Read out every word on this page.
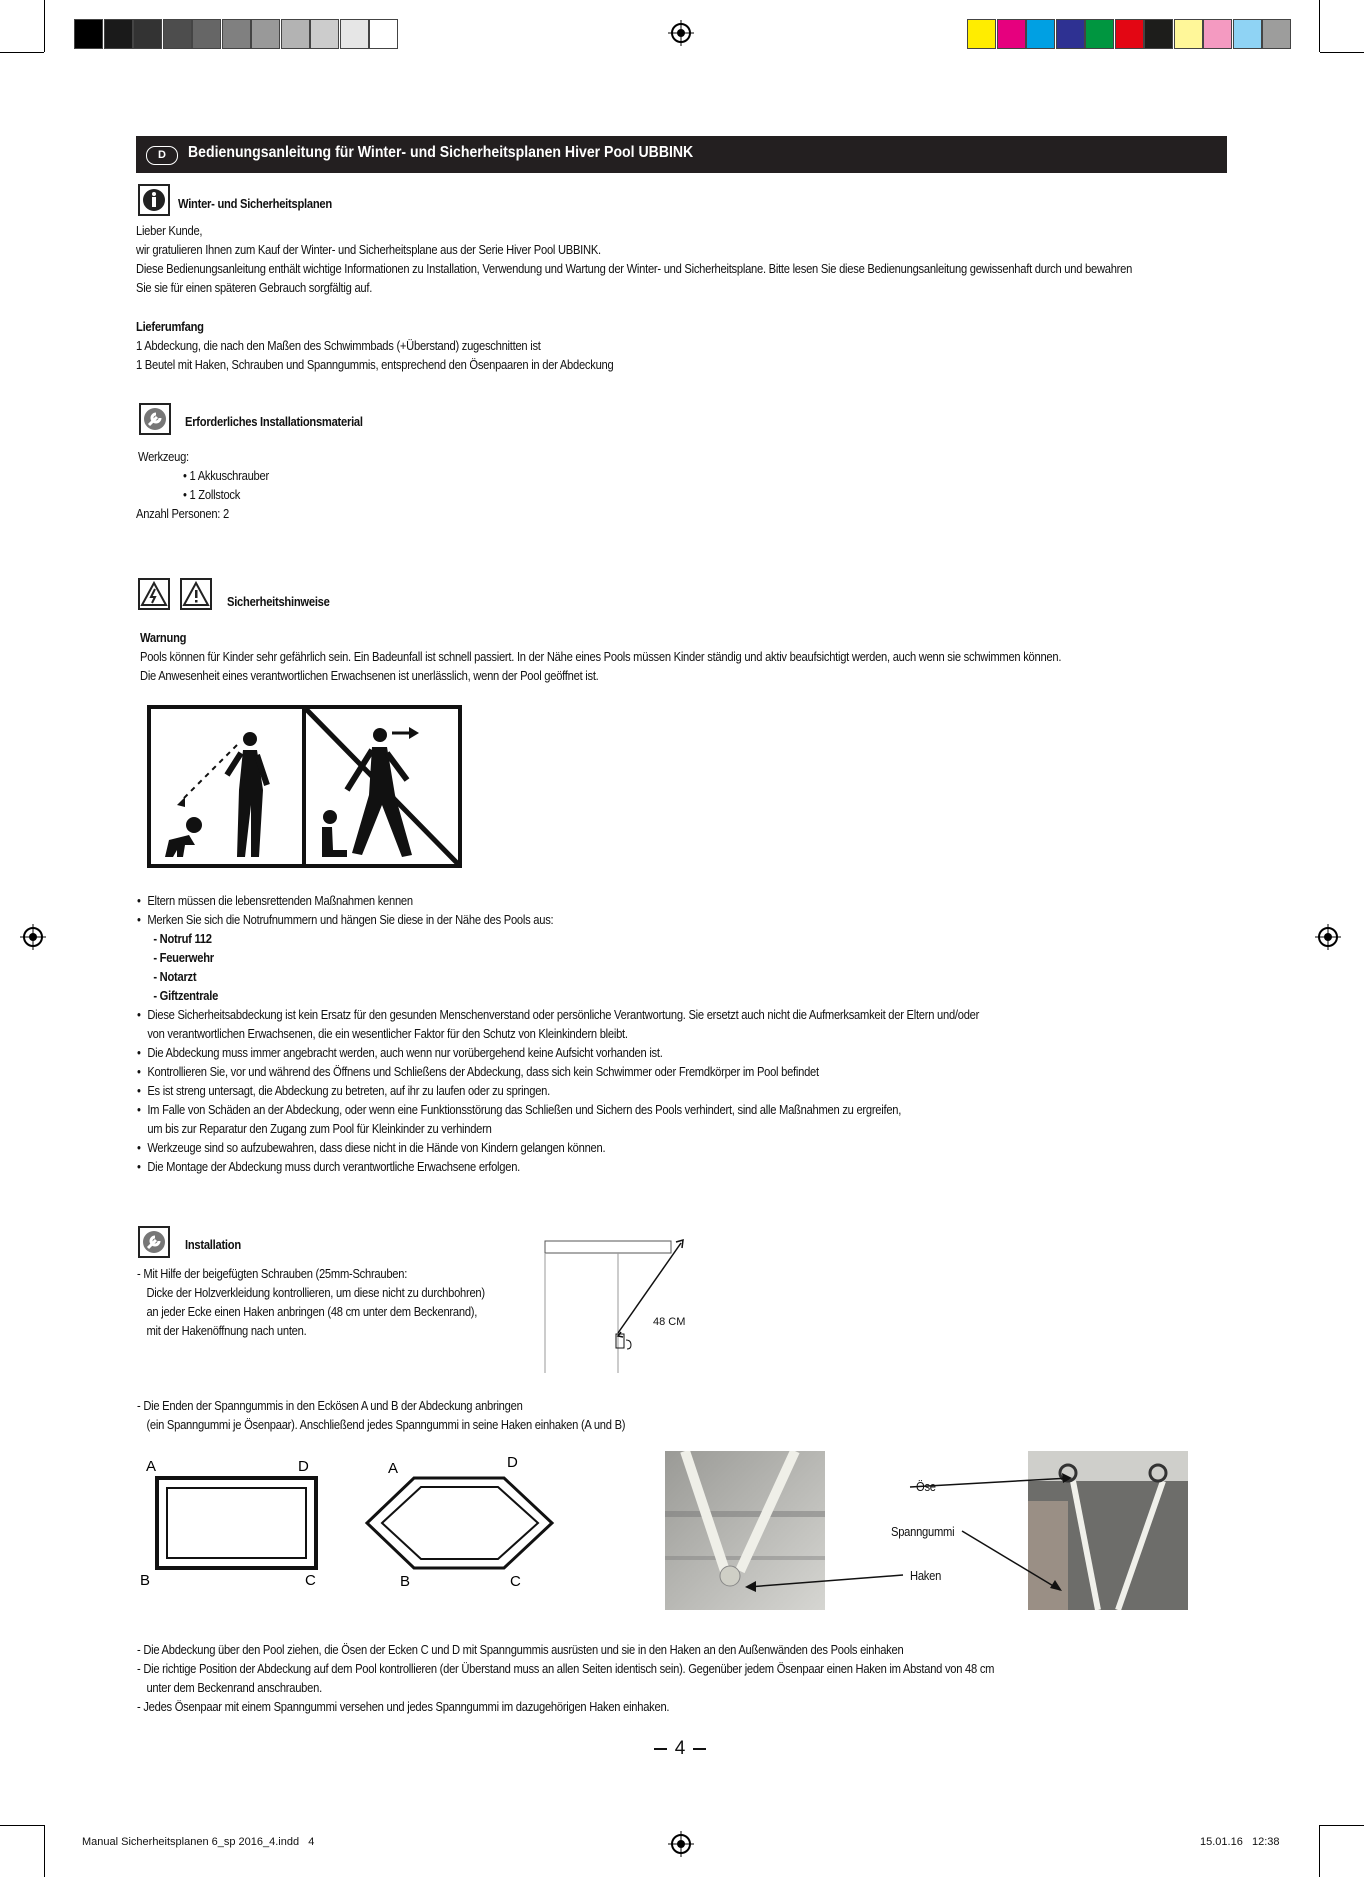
D	Bedienungsanleitung für Winter- und Sicherheitsplanen Hiver Pool UBBINK
Winter- und Sicherheitsplanen
Lieber Kunde,
wir gratulieren Ihnen zum Kauf der Winter- und Sicherheitsplane aus der Serie Hiver Pool UBBINK.
Diese Bedienungsanleitung enthält wichtige Informationen zu Installation, Verwendung und Wartung der Winter- und Sicherheitsplane. Bitte lesen Sie diese Bedienungsanleitung gewissenhaft durch und bewahren
Sie sie für einen späteren Gebrauch sorgfältig auf.
Lieferumfang
1 Abdeckung, die nach den Maßen des Schwimmbads (+Überstand) zugeschnitten ist
1 Beutel mit Haken, Schrauben und Spanngummis, entsprechend den Ösenpaaren in der Abdeckung
Erforderliches Installationsmaterial
Werkzeug:
• 1 Akkuschrauber
• 1 Zollstock
Anzahl Personen: 2
Sicherheitshinweise
Warnung
Pools können für Kinder sehr gefährlich sein. Ein Badeunfall ist schnell passiert. In der Nähe eines Pools müssen Kinder ständig und aktiv beaufsichtigt werden, auch wenn sie schwimmen können.
Die Anwesenheit eines verantwortlichen Erwachsenen ist unerlässlich, wenn der Pool geöffnet ist.
• Eltern müssen die lebensrettenden Maßnahmen kennen
• Merken Sie sich die Notrufnummern und hängen Sie diese in der Nähe des Pools aus:
- Notruf 112
- Feuerwehr
- Notarzt
- Giftzentrale
• Diese Sicherheitsabdeckung ist kein Ersatz für den gesunden Menschenverstand oder persönliche Verantwortung. Sie ersetzt auch nicht die Aufmerksamkeit der Eltern und/oder
von verantwortlichen Erwachsenen, die ein wesentlicher Faktor für den Schutz von Kleinkindern bleibt.
• Die Abdeckung muss immer angebracht werden, auch wenn nur vorübergehend keine Aufsicht vorhanden ist.
• Kontrollieren Sie, vor und während des Öffnens und Schließens der Abdeckung, dass sich kein Schwimmer oder Fremdkörper im Pool befindet
• Es ist streng untersagt, die Abdeckung zu betreten, auf ihr zu laufen oder zu springen.
• Im Falle von Schäden an der Abdeckung, oder wenn eine Funktionsstörung das Schließen und Sichern des Pools verhindert, sind alle Maßnahmen zu ergreifen,
um bis zur Reparatur den Zugang zum Pool für Kleinkinder zu verhindern
• Werkzeuge sind so aufzubewahren, dass diese nicht in die Hände von Kindern gelangen können.
• Die Montage der Abdeckung muss durch verantwortliche Erwachsene erfolgen.
Installation
- Mit Hilfe der beigefügten Schrauben (25mm-Schrauben:
Dicke der Holzverkleidung kontrollieren, um diese nicht zu durchbohren)
an jeder Ecke einen Haken anbringen (48 cm unter dem Beckenrand),
mit der Hakenöffnung nach unten.
48 CM
- Die Enden der Spanngummis in den Eckösen A und B der Abdeckung anbringen
(ein Spanngummi je Ösenpaar). Anschließend jedes Spanngummi in seine Haken einhaken (A und B)
A	D
B	C
A	D
B	C
Öse
Spanngummi
Haken
- Die Abdeckung über den Pool ziehen, die Ösen der Ecken C und D mit Spanngummis ausrüsten und sie in den Haken an den Außenwänden des Pools einhaken
- Die richtige Position der Abdeckung auf dem Pool kontrollieren (der Überstand muss an allen Seiten identisch sein). Gegenüber jedem Ösenpaar einen Haken im Abstand von 48 cm
unter dem Beckenrand anschrauben.
- Jedes Ösenpaar mit einem Spanngummi versehen und jedes Spanngummi im dazugehörigen Haken einhaken.
4
Manual Sicherheitsplanen 6_sp 2016_4.indd   4	15.01.16   12:38
